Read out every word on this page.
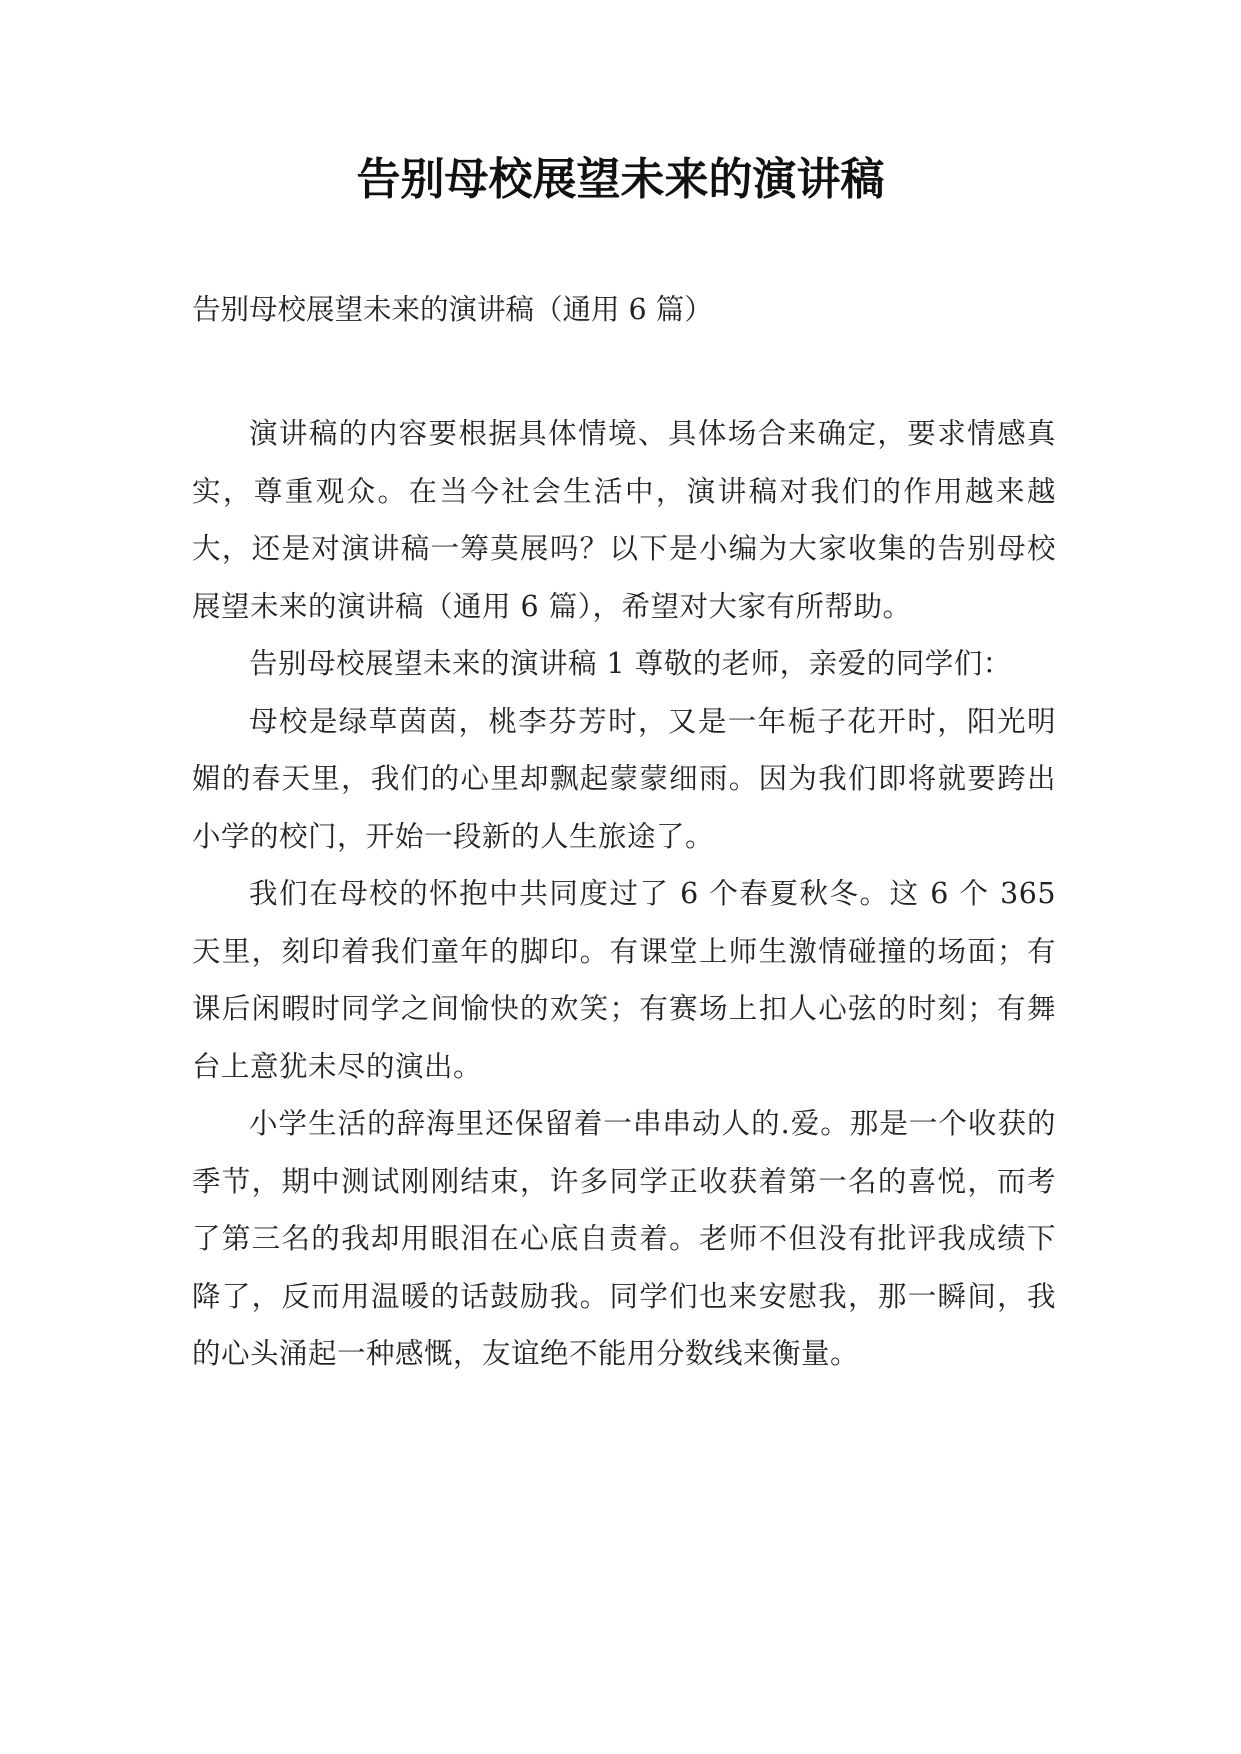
告别母校展望未来的演讲稿
告别母校展望未来的演讲稿（通用 6 篇）

演讲稿的内容要根据具体情境、具体场合来确定，要求情感真实，尊重观众。在当今社会生活中，演讲稿对我们的作用越来越大，还是对演讲稿一筹莫展吗？以下是小编为大家收集的告别母校展望未来的演讲稿（通用 6 篇），希望对大家有所帮助。

告别母校展望未来的演讲稿 1 尊敬的老师，亲爱的同学们：

母校是绿草茵茵，桃李芬芳时，又是一年栀子花开时，阳光明媚的春天里，我们的心里却飘起蒙蒙细雨。因为我们即将就要跨出小学的校门，开始一段新的人生旅途了。

我们在母校的怀抱中共同度过了 6 个春夏秋冬。这 6 个 365 天里，刻印着我们童年的脚印。有课堂上师生激情碰撞的场面；有课后闲暇时同学之间愉快的欢笑；有赛场上扣人心弦的时刻；有舞台上意犹未尽的演出。

小学生活的辞海里还保留着一串串动人的.爱。那是一个收获的季节，期中测试刚刚结束，许多同学正收获着第一名的喜悦，而考了第三名的我却用眼泪在心底自责着。老师不但没有批评我成绩下降了，反而用温暖的话鼓励我。同学们也来安慰我，那一瞬间，我的心头涌起一种感慨，友谊绝不能用分数线来衡量。
